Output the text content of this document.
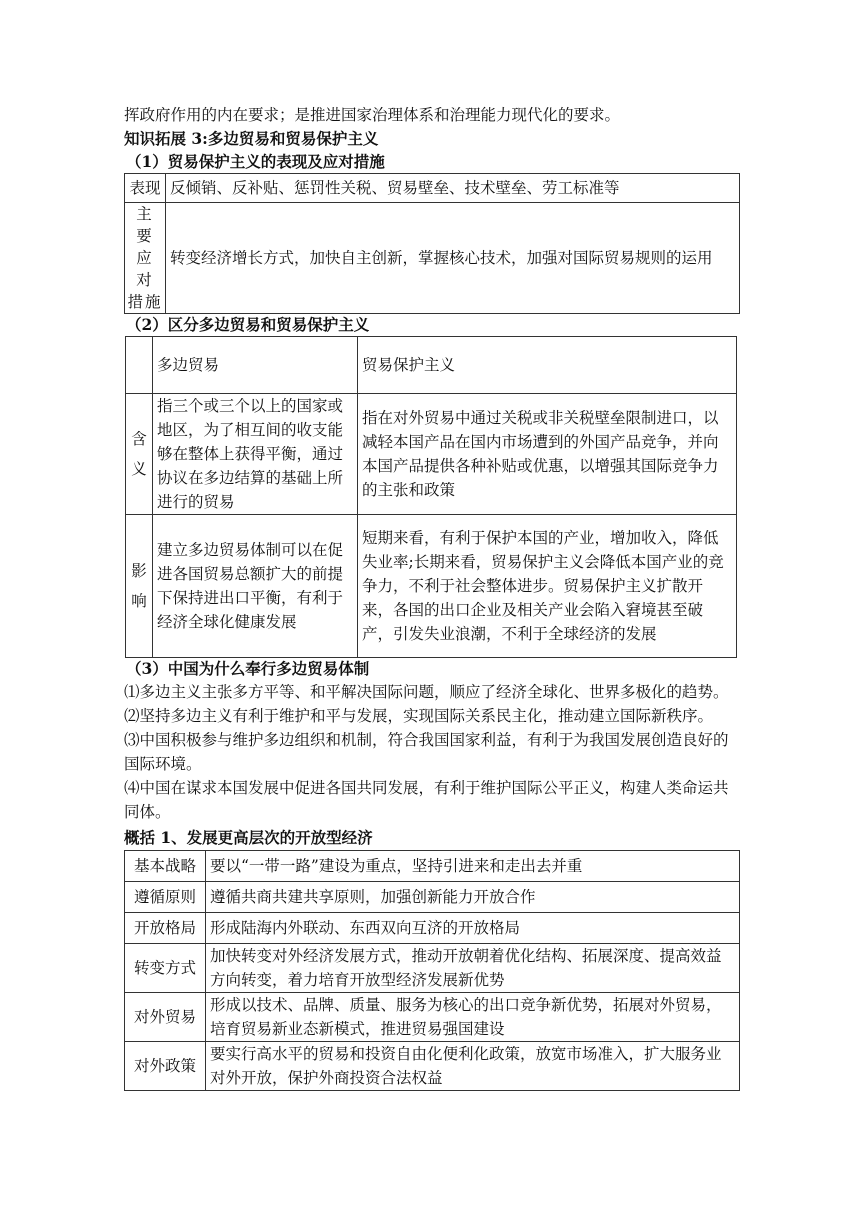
挥政府作用的内在要求；是推进国家治理体系和治理能力现代化的要求。

知识拓展 3:多边贸易和贸易保护主义

（1）贸易保护主义的表现及应对措施

表现	反倾销、反补贴、惩罚性关税、贸易壁垒、技术壁垒、劳工标准等

主 要
应 对
措施	转变经济增长方式，加快自主创新，掌握核心技术，加强对国际贸易规则的运用

（2）区分多边贸易和贸易保护主义

	多边贸易	贸易保护主义

含
义	指三个或三个以上的国家或地区，为了相互间的收支能够在整体上获得平衡，通过协议在多边结算的基础上所进行的贸易	指在对外贸易中通过关税或非关税壁垒限制进口，以减轻本国产品在国内市场遭到的外国产品竞争，并向本国产品提供各种补贴或优惠，以增强其国际竞争力的主张和政策

影
响	建立多边贸易体制可以在促进各国贸易总额扩大的前提下保持进出口平衡，有利于经济全球化健康发展	短期来看，有利于保护本国的产业，增加收入，降低失业率;长期来看，贸易保护主义会降低本国产业的竞争力，不利于社会整体进步。贸易保护主义扩散开来，各国的出口企业及相关产业会陷入窘境甚至破产，引发失业浪潮，不利于全球经济的发展

（3）中国为什么奉行多边贸易体制

⑴多边主义主张多方平等、和平解决国际问题，顺应了经济全球化、世界多极化的趋势。

⑵坚持多边主义有利于维护和平与发展，实现国际关系民主化，推动建立国际新秩序。

⑶中国积极参与维护多边组织和机制，符合我国国家利益，有利于为我国发展创造良好的国际环境。

⑷中国在谋求本国发展中促进各国共同发展，有利于维护国际公平正义，构建人类命运共同体。

概括 1、发展更高层次的开放型经济

基本战略	要以“一带一路”建设为重点，坚持引进来和走出去并重
遵循原则	遵循共商共建共享原则，加强创新能力开放合作
开放格局	形成陆海内外联动、东西双向互济的开放格局
转变方式	加快转变对外经济发展方式，推动开放朝着优化结构、拓展深度、提高效益方向转变，着力培育开放型经济发展新优势
对外贸易	形成以技术、品牌、质量、服务为核心的出口竞争新优势，拓展对外贸易，培育贸易新业态新模式，推进贸易强国建设
对外政策	要实行高水平的贸易和投资自由化便利化政策，放宽市场准入，扩大服务业对外开放，保护外商投资合法权益
